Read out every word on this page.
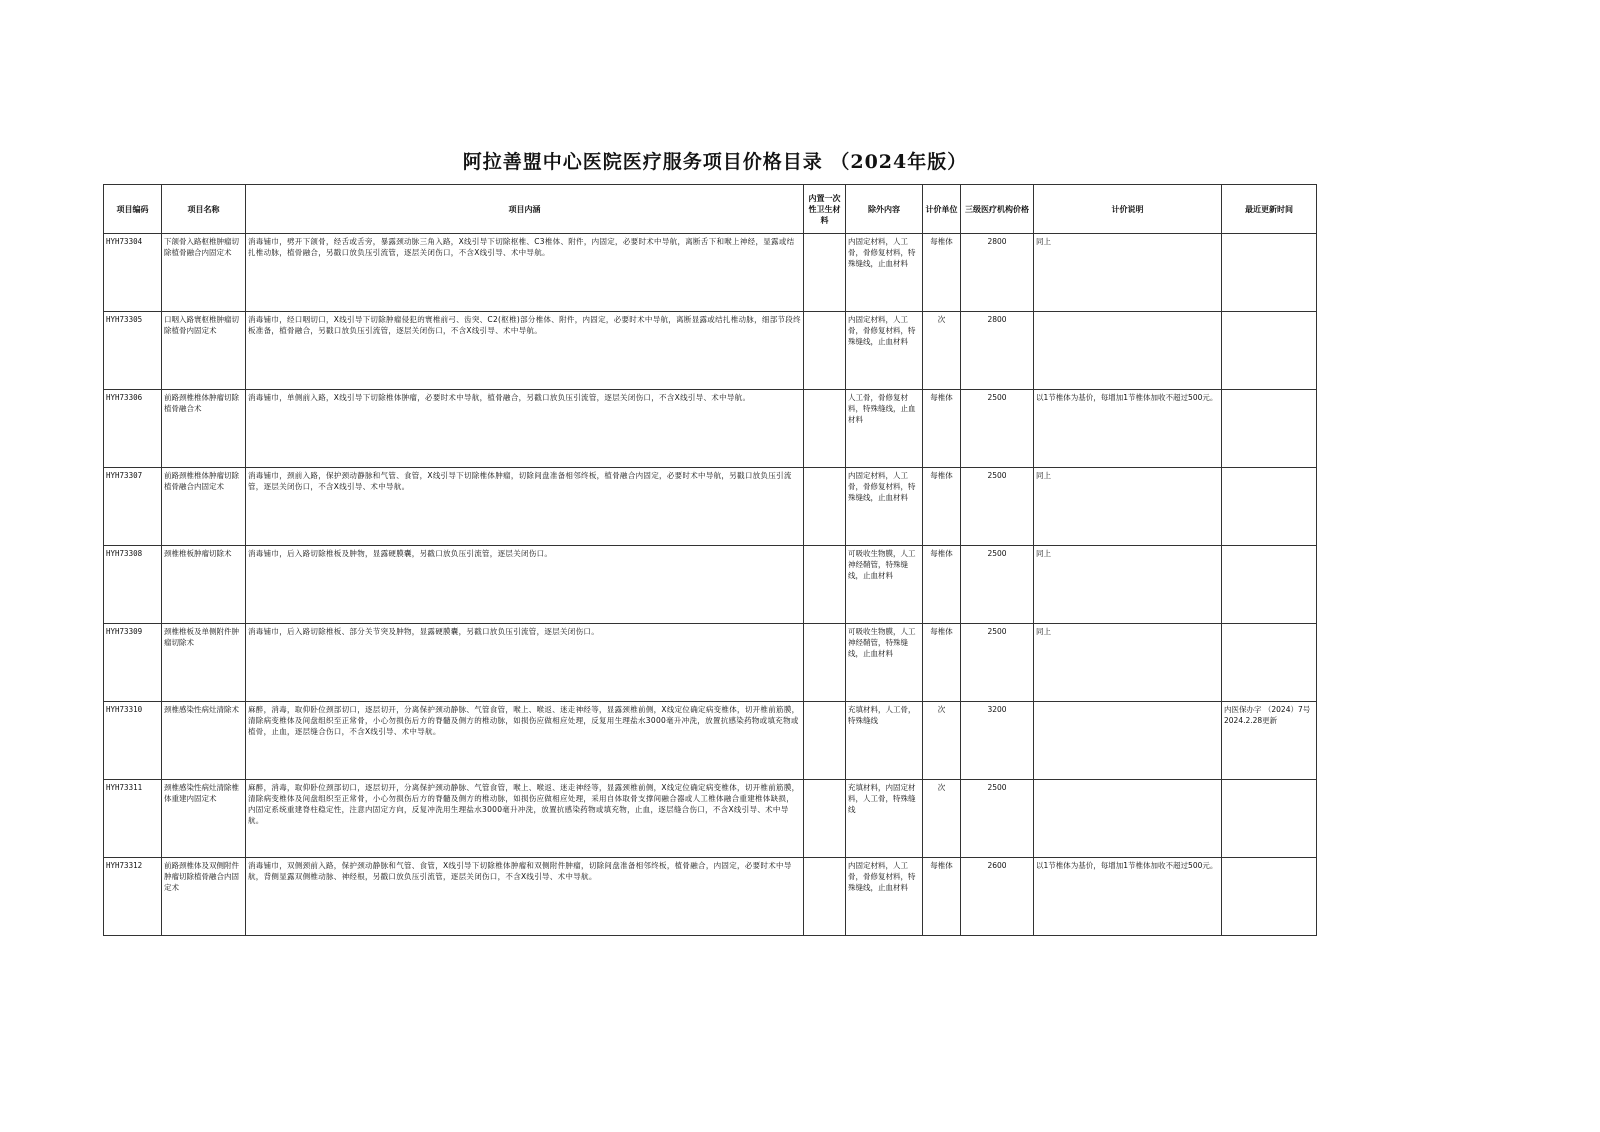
阿拉善盟中心医院医疗服务项目价格目录 （2024年版）
项目编码	项目名称	项目内涵	内置一次性卫生材料	除外内容	计价单位	三级医疗机构价格	计价说明	最近更新时间
HYH73304	下颌骨入路枢椎肿瘤切除植骨融合内固定术	消毒铺巾，劈开下颌骨，经舌或舌旁，暴露颈动脉三角入路，X线引导下切除枢椎、C3椎体、附件，内固定，必要时术中导航，离断舌下和喉上神经，显露或结扎椎动脉，植骨融合，另戳口放负压引流管，逐层关闭伤口，不含X线引导、术中导航。		内固定材料，人工骨，骨修复材料，特殊缝线，止血材料	每椎体	2800	同上	
HYH73305	口咽入路寰枢椎肿瘤切除植骨内固定术	消毒铺巾，经口咽切口，X线引导下切除肿瘤侵犯的寰椎前弓、齿突、C2(枢椎)部分椎体、附件，内固定，必要时术中导航，离断显露或结扎椎动脉，细部节段终板准备，植骨融合，另戳口放负压引流管，逐层关闭伤口，不含X线引导、术中导航。		内固定材料，人工骨，骨修复材料，特殊缝线，止血材料	次	2800		
HYH73306	前路颈椎椎体肿瘤切除植骨融合术	消毒铺巾，单侧前入路，X线引导下切除椎体肿瘤，必要时术中导航，植骨融合，另戳口放负压引流管，逐层关闭伤口，不含X线引导、术中导航。		人工骨，骨修复材料，特殊缝线，止血材料	每椎体	2500	以1节椎体为基价，每增加1节椎体加收不超过500元。	
HYH73307	前路颈椎椎体肿瘤切除植骨融合内固定术	消毒铺巾，颈前入路，保护颈动静脉和气管、食管，X线引导下切除椎体肿瘤，切除间盘准备相邻终板，植骨融合内固定，必要时术中导航，另戳口放负压引流管，逐层关闭伤口，不含X线引导、术中导航。		内固定材料，人工骨，骨修复材料，特殊缝线，止血材料	每椎体	2500	同上	
HYH73308	颈椎椎板肿瘤切除术	消毒铺巾，后入路切除椎板及肿物，显露硬膜囊，另戳口放负压引流管，逐层关闭伤口。		可吸收生物膜，人工神经鞘管，特殊缝线，止血材料	每椎体	2500	同上	
HYH73309	颈椎椎板及单侧附件肿瘤切除术	消毒铺巾，后入路切除椎板、部分关节突及肿物，显露硬膜囊，另戳口放负压引流管，逐层关闭伤口。		可吸收生物膜，人工神经鞘管，特殊缝线，止血材料	每椎体	2500	同上	
HYH73310	颈椎感染性病灶清除术	麻醉，消毒，取仰卧位颈部切口，逐层切开，分离保护颈动静脉、气管食管，喉上、喉返、迷走神经等，显露颈椎前侧，X线定位确定病变椎体，切开椎前筋膜，清除病变椎体及间盘组织至正常骨，小心勿损伤后方的脊髓及侧方的椎动脉，如损伤应做相应处理，反复用生理盐水3000毫升冲洗，放置抗感染药物或填充物或植骨，止血，逐层缝合伤口，不含X线引导、术中导航。		充填材料，人工骨，特殊缝线	次	3200		内医保办字 （2024）7号 2024.2.28更新
HYH73311	颈椎感染性病灶清除椎体重建内固定术	麻醉，消毒，取仰卧位颈部切口，逐层切开，分离保护颈动静脉、气管食管，喉上、喉返、迷走神经等，显露颈椎前侧，X线定位确定病变椎体，切开椎前筋膜，清除病变椎体及间盘组织至正常骨，小心勿损伤后方的脊髓及侧方的椎动脉，如损伤应做相应处理，采用自体取骨支撑间融合器或人工椎体融合重建椎体缺损，内固定系统重建脊柱稳定性，注意内固定方向，反复冲洗用生理盐水3000毫升冲洗，放置抗感染药物或填充物，止血，逐层缝合伤口，不含X线引导、术中导航。		充填材料，内固定材料，人工骨，特殊缝线	次	2500		
HYH73312	前路颈椎体及双侧附件肿瘤切除植骨融合内固定术	消毒铺巾，双侧颈前入路，保护颈动静脉和气管、食管，X线引导下切除椎体肿瘤和双侧附件肿瘤，切除间盘准备相邻终板，植骨融合，内固定，必要时术中导航，背侧显露双侧椎动脉、神经根，另戳口放负压引流管，逐层关闭伤口，不含X线引导、术中导航。		内固定材料，人工骨，骨修复材料，特殊缝线，止血材料	每椎体	2600	以1节椎体为基价，每增加1节椎体加收不超过500元。	
